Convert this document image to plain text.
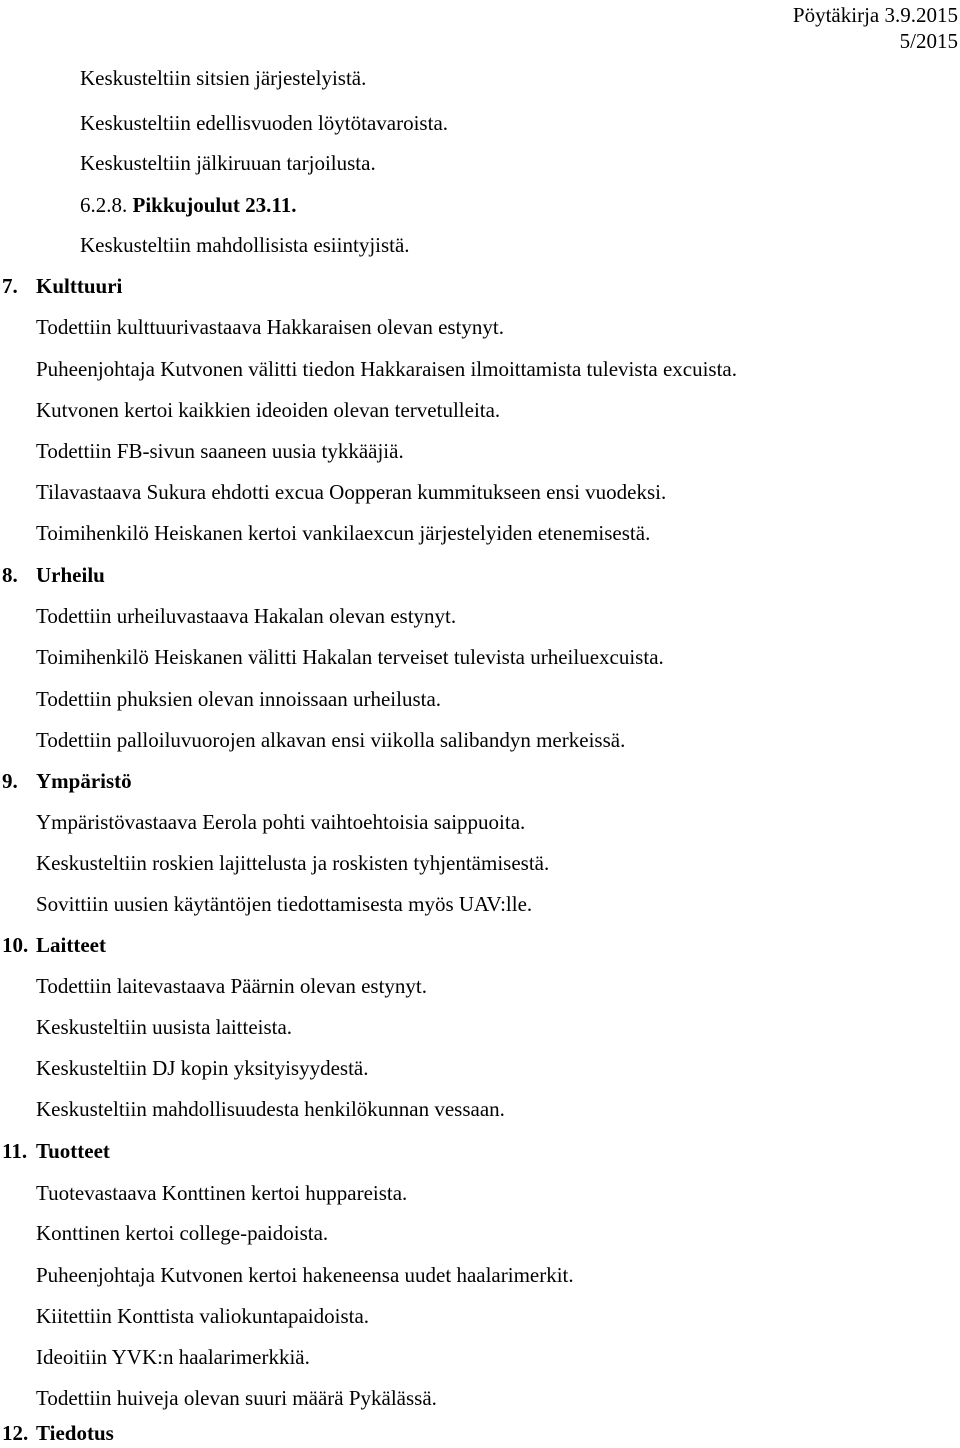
Pöytäkirja 3.9.2015
5/2015
Keskusteltiin sitsien järjestelyistä.
Keskusteltiin edellisvuoden löytötavaroista.
Keskusteltiin jälkiruuan tarjoilusta.
6.2.8. Pikkujoulut 23.11.
Keskusteltiin mahdollisista esiintyjistä.
7. Kulttuuri
Todettiin kulttuurivastaava Hakkaraisen olevan estynyt.
Puheenjohtaja Kutvonen välitti tiedon Hakkaraisen ilmoittamista tulevista excuista.
Kutvonen kertoi kaikkien ideoiden olevan tervetulleita.
Todettiin FB-sivun saaneen uusia tykkääjiä.
Tilavastaava Sukura ehdotti excua Oopperan kummitukseen ensi vuodeksi.
Toimihenkilö Heiskanen kertoi vankilaexcun järjestelyiden etenemisestä.
8. Urheilu
Todettiin urheiluvastaava Hakalan olevan estynyt.
Toimihenkilö Heiskanen välitti Hakalan terveiset tulevista urheiluexcuista.
Todettiin phuksien olevan innoissaan urheilusta.
Todettiin palloiluvuorojen alkavan ensi viikolla salibandyn merkeissä.
9. Ympäristö
Ympäristövastaava Eerola pohti vaihtoehtoisia saippuoita.
Keskusteltiin roskien lajittelusta ja roskisten tyhjentämisestä.
Sovittiin uusien käytäntöjen tiedottamisesta myös UAV:lle.
10. Laitteet
Todettiin laitevastaava Päärnin olevan estynyt.
Keskusteltiin uusista laitteista.
Keskusteltiin DJ kopin yksityisyydestä.
Keskusteltiin mahdollisuudesta henkilökunnan vessaan.
11. Tuotteet
Tuotevastaava Konttinen kertoi huppareista.
Konttinen kertoi college-paidoista.
Puheenjohtaja Kutvonen kertoi hakeneensa uudet haalarimerkit.
Kiitettiin Konttista valiokuntapaidoista.
Ideoitiin YVK:n haalarimerkkiä.
Todettiin huiveja olevan suuri määrä Pykälässä.
12. Tiedotus
